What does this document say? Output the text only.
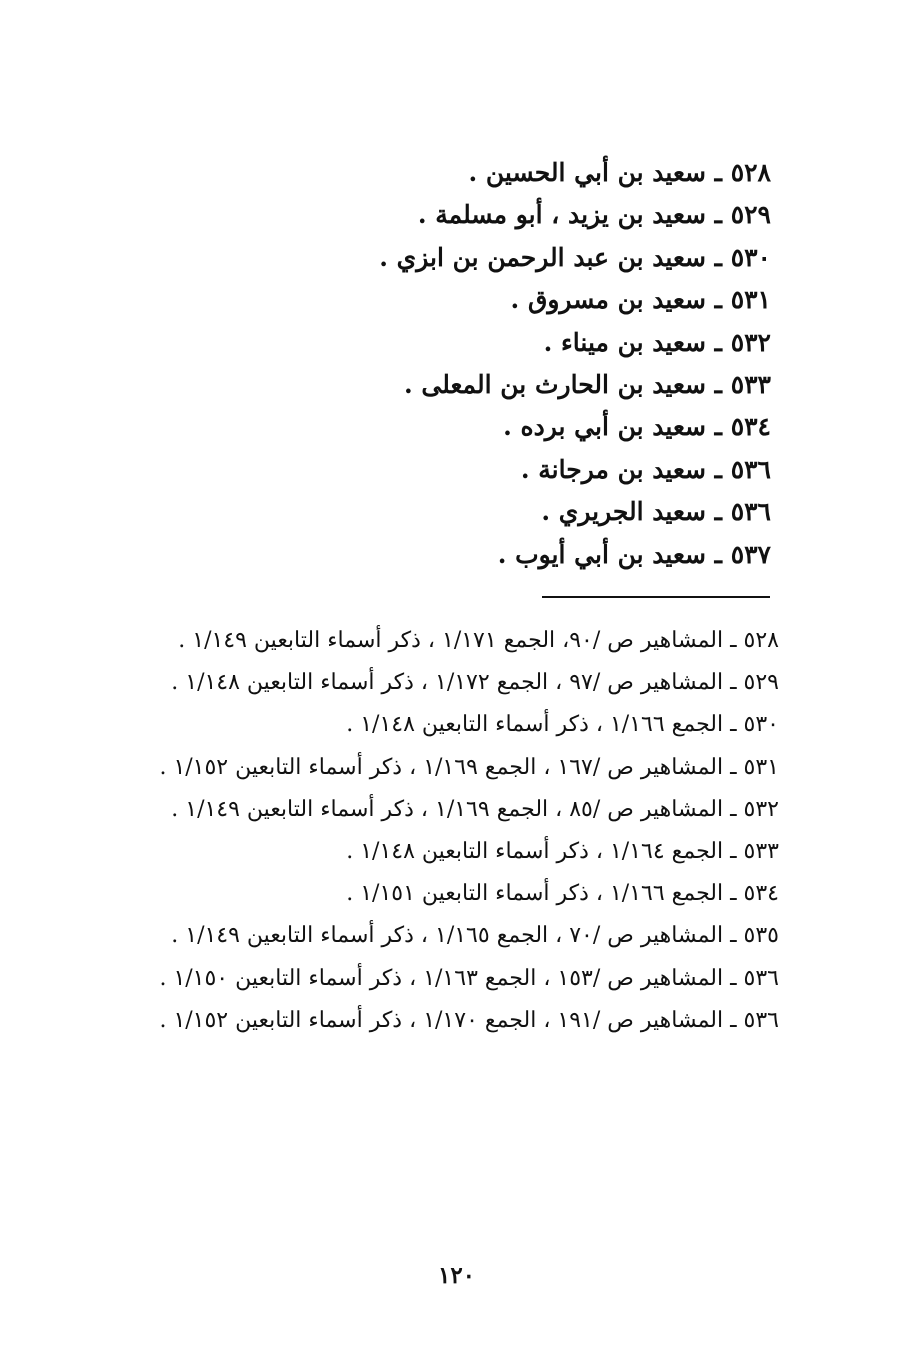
٥٢٨ ـ سعيد بن أبي الحسين .
٥٢٩ ـ سعيد بن يزيد ، أبو مسلمة .
٥٣٠ ـ سعيد بن عبد الرحمن بن ابزي .
٥٣١ ـ سعيد بن مسروق .
٥٣٢ ـ سعيد بن ميناء .
٥٣٣ ـ سعيد بن الحارث بن المعلى .
٥٣٤ ـ سعيد بن أبي برده .
٥٣٦ ـ سعيد بن مرجانة .
٥٣٦ ـ سعيد الجريري .
٥٣٧ ـ سعيد بن أبي أيوب .
٥٢٨ ـ المشاهير ص /٩٠، الجمع ١/١٧١ ، ذكر أسماء التابعين ١/١٤٩ .
٥٢٩ ـ المشاهير ص /٩٧ ، الجمع ١/١٧٢ ، ذكر أسماء التابعين ١/١٤٨ .
٥٣٠ ـ الجمع ١/١٦٦ ، ذكر أسماء التابعين ١/١٤٨ .
٥٣١ ـ المشاهير ص /١٦٧ ، الجمع ١/١٦٩ ، ذكر أسماء التابعين ١/١٥٢ .
٥٣٢ ـ المشاهير ص /٨٥ ، الجمع ١/١٦٩ ، ذكر أسماء التابعين ١/١٤٩ .
٥٣٣ ـ الجمع ١/١٦٤ ، ذكر أسماء التابعين ١/١٤٨ .
٥٣٤ ـ الجمع ١/١٦٦ ، ذكر أسماء التابعين ١/١٥١ .
٥٣٥ ـ المشاهير ص /٧٠ ، الجمع ١/١٦٥ ، ذكر أسماء التابعين ١/١٤٩ .
٥٣٦ ـ المشاهير ص /١٥٣ ، الجمع ١/١٦٣ ، ذكر أسماء التابعين ١/١٥٠ .
٥٣٦ ـ المشاهير ص /١٩١ ، الجمع ١/١٧٠ ، ذكر أسماء التابعين ١/١٥٢ .
١٢٠
